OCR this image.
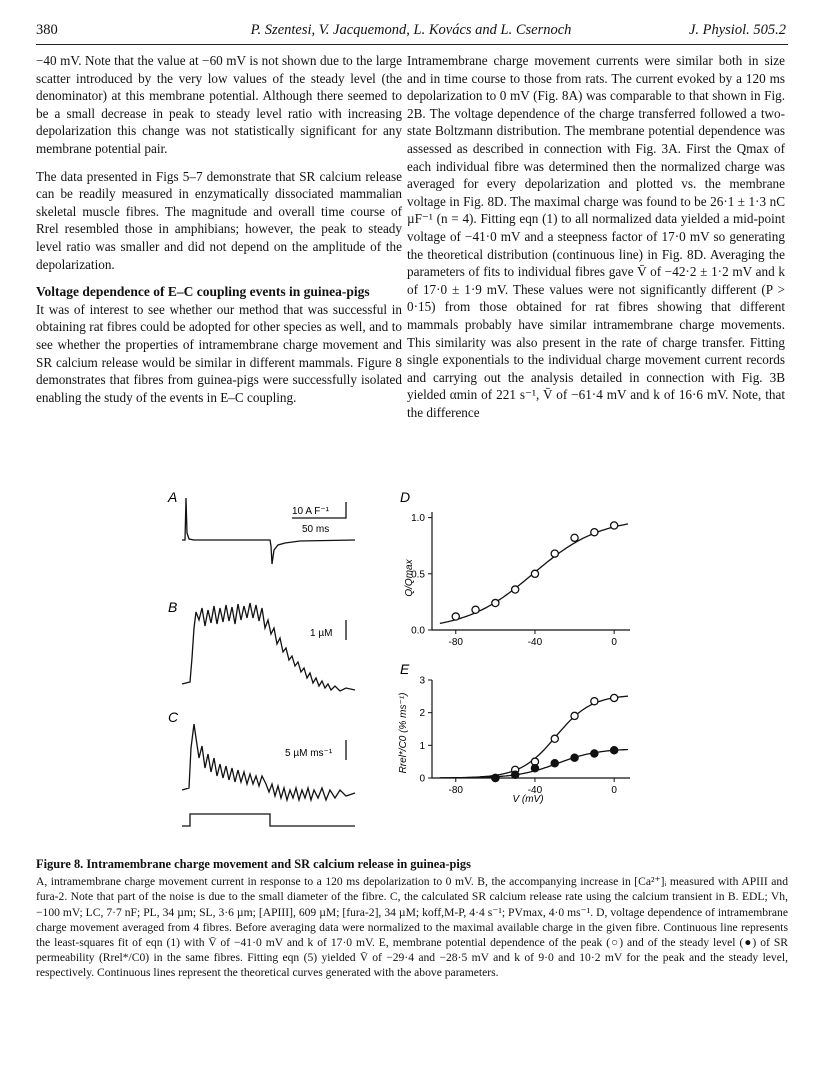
380	P. Szentesi, V. Jacquemond, L. Kovács and L. Csernoch	J. Physiol. 505.2

−40 mV. Note that the value at −60 mV is not shown due to the large scatter introduced by the very low values of the steady level (the denominator) at this membrane potential. Although there seemed to be a small decrease in peak to steady level ratio with increasing depolarization this change was not statistically significant for any membrane potential pair.

The data presented in Figs 5–7 demonstrate that SR calcium release can be readily measured in enzymatically dissociated mammalian skeletal muscle fibres. The magnitude and overall time course of Rrel resembled those in amphibians; however, the peak to steady level ratio was smaller and did not depend on the amplitude of the depolarization.

Voltage dependence of E–C coupling events in guinea-pigs

It was of interest to see whether our method that was successful in obtaining rat fibres could be adopted for other species as well, and to see whether the properties of intramembrane charge movement and SR calcium release would be similar in different mammals. Figure 8 demonstrates that fibres from guinea-pigs were successfully isolated enabling the study of the events in E–C coupling.

Intramembrane charge movement currents were similar both in size and in time course to those from rats. The current evoked by a 120 ms depolarization to 0 mV (Fig. 8A) was comparable to that shown in Fig. 2B. The voltage dependence of the charge transferred followed a two-state Boltzmann distribution. The membrane potential dependence was assessed as described in connection with Fig. 3A. First the Qmax of each individual fibre was determined then the normalized charge was averaged for every depolarization and plotted vs. the membrane voltage in Fig. 8D. The maximal charge was found to be 26·1 ± 1·3 nC µF⁻¹ (n = 4). Fitting eqn (1) to all normalized data yielded a mid-point voltage of −41·0 mV and a steepness factor of 17·0 mV so generating the theoretical distribution (continuous line) in Fig. 8D. Averaging the parameters of fits to individual fibres gave V̄ of −42·2 ± 1·2 mV and k of 17·0 ± 1·9 mV. These values were not significantly different (P > 0·15) from those obtained for rat fibres showing that different mammals probably have similar intramembrane charge movements. This similarity was also present in the rate of charge transfer. Fitting single exponentials to the individual charge movement current records and carrying out the analysis detailed in connection with Fig. 3B yielded αmin of 221 s⁻¹, V̄ of −61·4 mV and k of 16·6 mV. Note, that the difference

A
B
C
D
E
10 A F⁻¹
50 ms
1 µM
5 µM ms⁻¹
-80	-40	0
0.0
0.5
1.0
Q/Qmax
-80	-40	0
0
1
2
3
Rrel*/C0 (% ms⁻¹)
V (mV)
Figure 8. Intramembrane charge movement and SR calcium release in guinea-pigs
A, intramembrane charge movement current in response to a 120 ms depolarization to 0 mV. B, the accompanying increase in [Ca²⁺]ᵢ measured with APIII and fura-2. Note that part of the noise is due to the small diameter of the fibre. C, the calculated SR calcium release rate using the calcium transient in B. EDL; Vh, −100 mV; LC, 7·7 nF; PL, 34 µm; SL, 3·6 µm; [APIII], 609 µM; [fura-2], 34 µM; koff,M-P, 4·4 s⁻¹; PVmax, 4·0 ms⁻¹. D, voltage dependence of intramembrane charge movement averaged from 4 fibres. Before averaging data were normalized to the maximal available charge in the given fibre. Continuous line represents the least-squares fit of eqn (1) with V̄ of −41·0 mV and k of 17·0 mV. E, membrane potential dependence of the peak (○) and of the steady level (●) of SR permeability (Rrel*/C0) in the same fibres. Fitting eqn (5) yielded V̄ of −29·4 and −28·5 mV and k of 9·0 and 10·2 mV for the peak and the steady level, respectively. Continuous lines represent the theoretical curves generated with the above parameters.
